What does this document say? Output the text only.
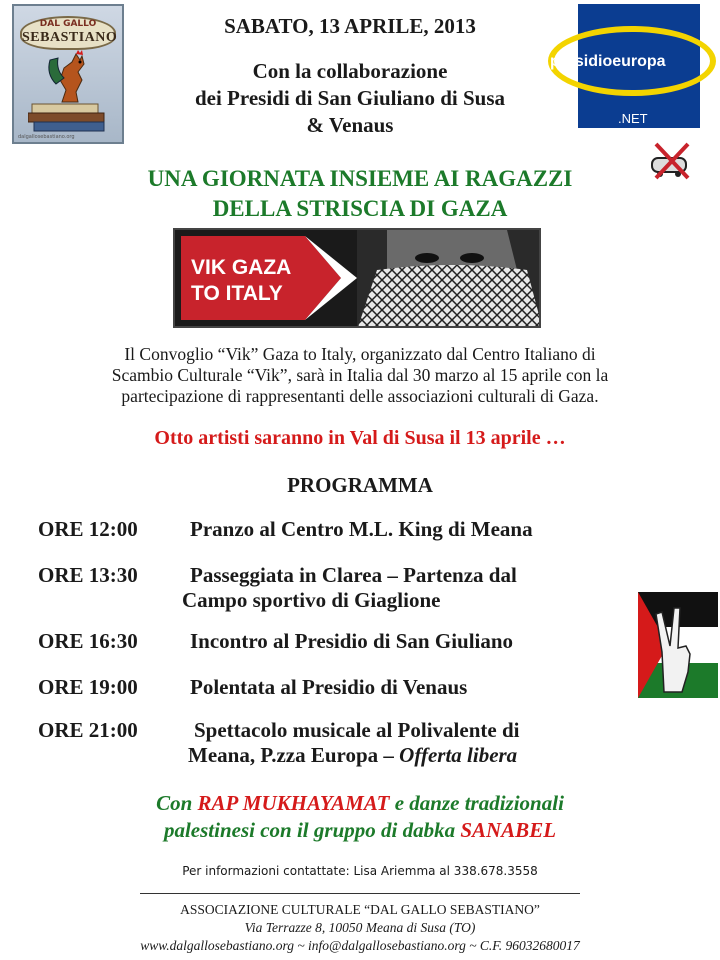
DAL GALLO
SEBASTIANO
dalgallosebastiano.org
presidioeuropa
.NET
SABATO, 13 APRILE, 2013
Con la collaborazione
dei Presidi di San Giuliano di Susa
& Venaus
UNA GIORNATA INSIEME AI RAGAZZI
DELLA STRISCIA DI GAZA
VIK GAZA
TO ITALY
Il Convoglio “Vik” Gaza to Italy, organizzato dal Centro Italiano di
Scambio Culturale “Vik”, sarà in Italia dal 30 marzo al 15 aprile con la
partecipazione di rappresentanti delle associazioni culturali di Gaza.
Otto artisti saranno in Val di Susa il 13 aprile …
PROGRAMMA
ORE 12:00 Pranzo al Centro M.L. King di Meana
ORE 13:30 Passeggiata in Clarea – Partenza dal
Campo sportivo di Giaglione
ORE 16:30 Incontro al Presidio di San Giuliano
ORE 19:00 Polentata al Presidio di Venaus
ORE 21:00	Spettacolo musicale al Polivalente di
Meana, P.zza Europa – Offerta libera
Con RAP MUKHAYAMAT e danze tradizionali
palestinesi con il gruppo di dabka SANABEL
Per informazioni contattate: Lisa Ariemma al 338.678.3558
ASSOCIAZIONE CULTURALE “DAL GALLO SEBASTIANO”
Via Terrazze 8, 10050 Meana di Susa (TO)
www.dalgallosebastiano.org ~ info@dalgallosebastiano.org ~ C.F. 96032680017
